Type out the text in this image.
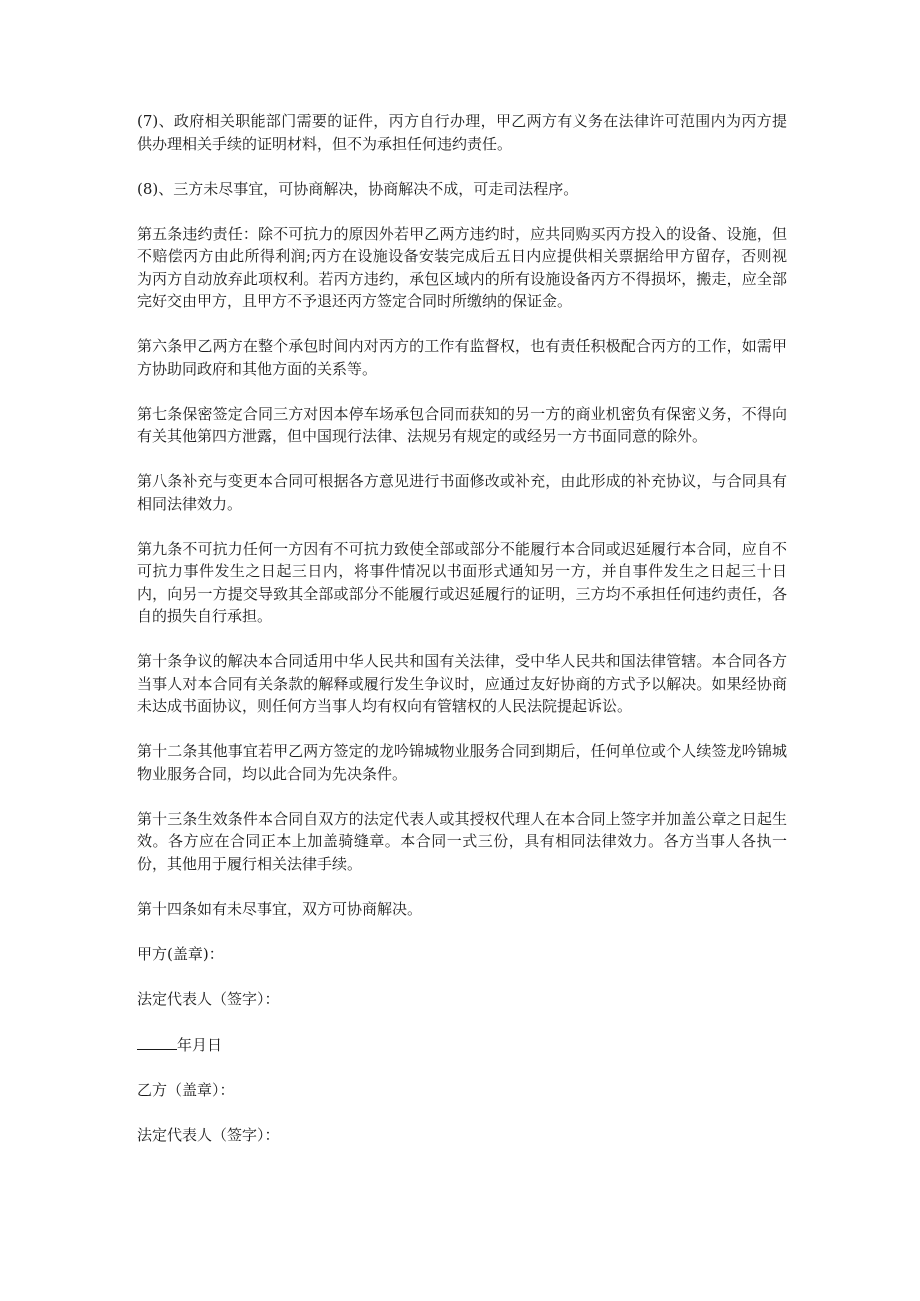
(7)、政府相关职能部门需要的证件，丙方自行办理，甲乙两方有义务在法律许可范围内为丙方提供办理相关手续的证明材料，但不为承担任何违约责任。

(8)、三方未尽事宜，可协商解决，协商解决不成，可走司法程序。

第五条违约责任：除不可抗力的原因外若甲乙两方违约时，应共同购买丙方投入的设备、设施，但不赔偿丙方由此所得利润;丙方在设施设备安装完成后五日内应提供相关票据给甲方留存，否则视为丙方自动放弃此项权利。若丙方违约，承包区域内的所有设施设备丙方不得损坏，搬走，应全部完好交由甲方，且甲方不予退还丙方签定合同时所缴纳的保证金。

第六条甲乙两方在整个承包时间内对丙方的工作有监督权，也有责任积极配合丙方的工作，如需甲方协助同政府和其他方面的关系等。

第七条保密签定合同三方对因本停车场承包合同而获知的另一方的商业机密负有保密义务，不得向有关其他第四方泄露，但中国现行法律、法规另有规定的或经另一方书面同意的除外。

第八条补充与变更本合同可根据各方意见进行书面修改或补充，由此形成的补充协议，与合同具有相同法律效力。

第九条不可抗力任何一方因有不可抗力致使全部或部分不能履行本合同或迟延履行本合同，应自不可抗力事件发生之日起三日内，将事件情况以书面形式通知另一方，并自事件发生之日起三十日内，向另一方提交导致其全部或部分不能履行或迟延履行的证明，三方均不承担任何违约责任，各自的损失自行承担。

第十条争议的解决本合同适用中华人民共和国有关法律，受中华人民共和国法律管辖。本合同各方当事人对本合同有关条款的解释或履行发生争议时，应通过友好协商的方式予以解决。如果经协商未达成书面协议，则任何方当事人均有权向有管辖权的人民法院提起诉讼。

第十二条其他事宜若甲乙两方签定的龙吟锦城物业服务合同到期后，任何单位或个人续签龙吟锦城物业服务合同，均以此合同为先决条件。

第十三条生效条件本合同自双方的法定代表人或其授权代理人在本合同上签字并加盖公章之日起生效。各方应在合同正本上加盖骑缝章。本合同一式三份，具有相同法律效力。各方当事人各执一份，其他用于履行相关法律手续。

第十四条如有未尽事宜，双方可协商解决。

甲方(盖章)：

法定代表人（签字）：

年月日

乙方（盖章）：

法定代表人（签字）：
